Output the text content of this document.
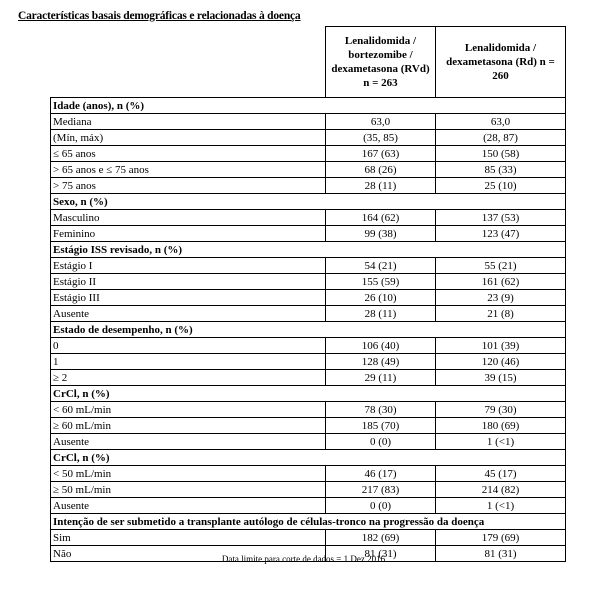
Características basais demográficas e relacionadas à doença
	Lenalidomida / bortezomibe / dexametasona (RVd) n = 263	Lenalidomida / dexametasona (Rd) n = 260
Idade (anos), n (%)		
Mediana	63,0	63,0
(Mín, máx)	(35, 85)	(28, 87)
≤ 65 anos	167 (63)	150 (58)
> 65 anos e ≤ 75 anos	68 (26)	85 (33)
> 75 anos	28 (11)	25 (10)
Sexo, n (%)		
Masculino	164 (62)	137 (53)
Feminino	99 (38)	123 (47)
Estágio ISS revisado, n (%)		
Estágio I	54 (21)	55 (21)
Estágio II	155 (59)	161 (62)
Estágio III	26 (10)	23 (9)
Ausente	28 (11)	21 (8)
Estado de desempenho, n (%)		
0	106 (40)	101 (39)
1	128 (49)	120 (46)
≥ 2	29 (11)	39 (15)
CrCl, n (%)		
< 60 mL/min	78 (30)	79 (30)
≥ 60 mL/min	185 (70)	180 (69)
Ausente	0 (0)	1 (<1)
CrCl, n (%)		
< 50 mL/min	46 (17)	45 (17)
≥ 50 mL/min	217 (83)	214 (82)
Ausente	0 (0)	1 (<1)
Intenção de ser submetido a transplante autólogo de células-tronco na progressão da doença		
Sim	182 (69)	179 (69)
Não	81 (31)	81 (31)
Data limite para corte de dados = 1 Dez 2016
